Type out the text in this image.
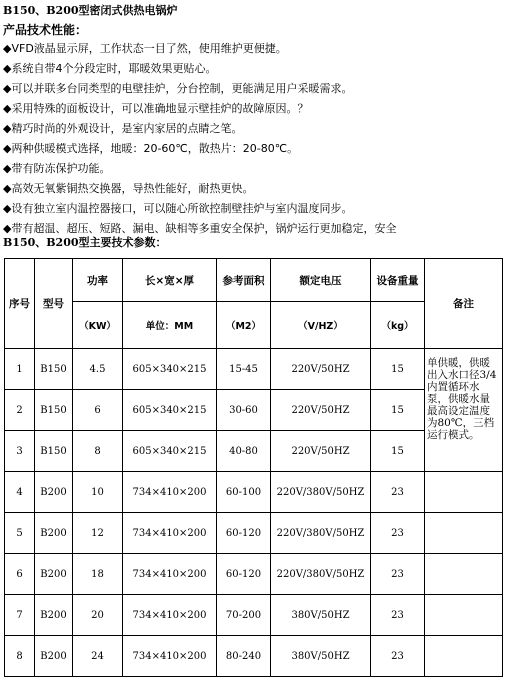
B150、B200型密闭式供热电锅炉
产品技术性能：
◆VFD液晶显示屏，工作状态一目了然，使用维护更便捷。
◆系统自带4个分段定时，耶暖效果更贴心。
◆可以并联多台同类型的电壁挂炉，分台控制，更能满足用户采暖需求。
◆采用特殊的面板设计，可以准确地显示壁挂炉的故障原因。？
◆精巧时尚的外观设计，是室内家居的点睛之笔。
◆两种供暖模式选择，地暖：20-60℃，散热片：20-80℃。
◆带有防冻保护功能。
◆高效无氧紫铜热交换器，导热性能好，耐热更快。
◆设有独立室内温控器接口，可以随心所欲控制壁挂炉与室内温度同步。
◆带有超温、超压、短路、漏电、缺相等多重安全保护，锅炉运行更加稳定，安全
B150、B200型主要技术参数：
序号	型号	功率	长×宽×厚	参考面积	额定电压	设备重量	备注
		（KW）	单位：MM	（M2）	（V/HZ）	（kg）	
1	B150	4.5	605×340×215	15-45	220V/50HZ	15	单供暖，供暖出入水口径3/4内置循环水泵，供暖水量最高设定温度为80℃，三档运行模式。
2	B150	6	605×340×215	30-60	220V/50HZ	15	
3	B150	8	605×340×215	40-80	220V/50HZ	15	
4	B200	10	734×410×200	60-100	220V/380V/50HZ	23	
5	B200	12	734×410×200	60-120	220V/380V/50HZ	23	
6	B200	18	734×410×200	60-120	220V/380V/50HZ	23	
7	B200	20	734×410×200	70-200	380V/50HZ	23	
8	B200	24	734×410×200	80-240	380V/50HZ	23	
